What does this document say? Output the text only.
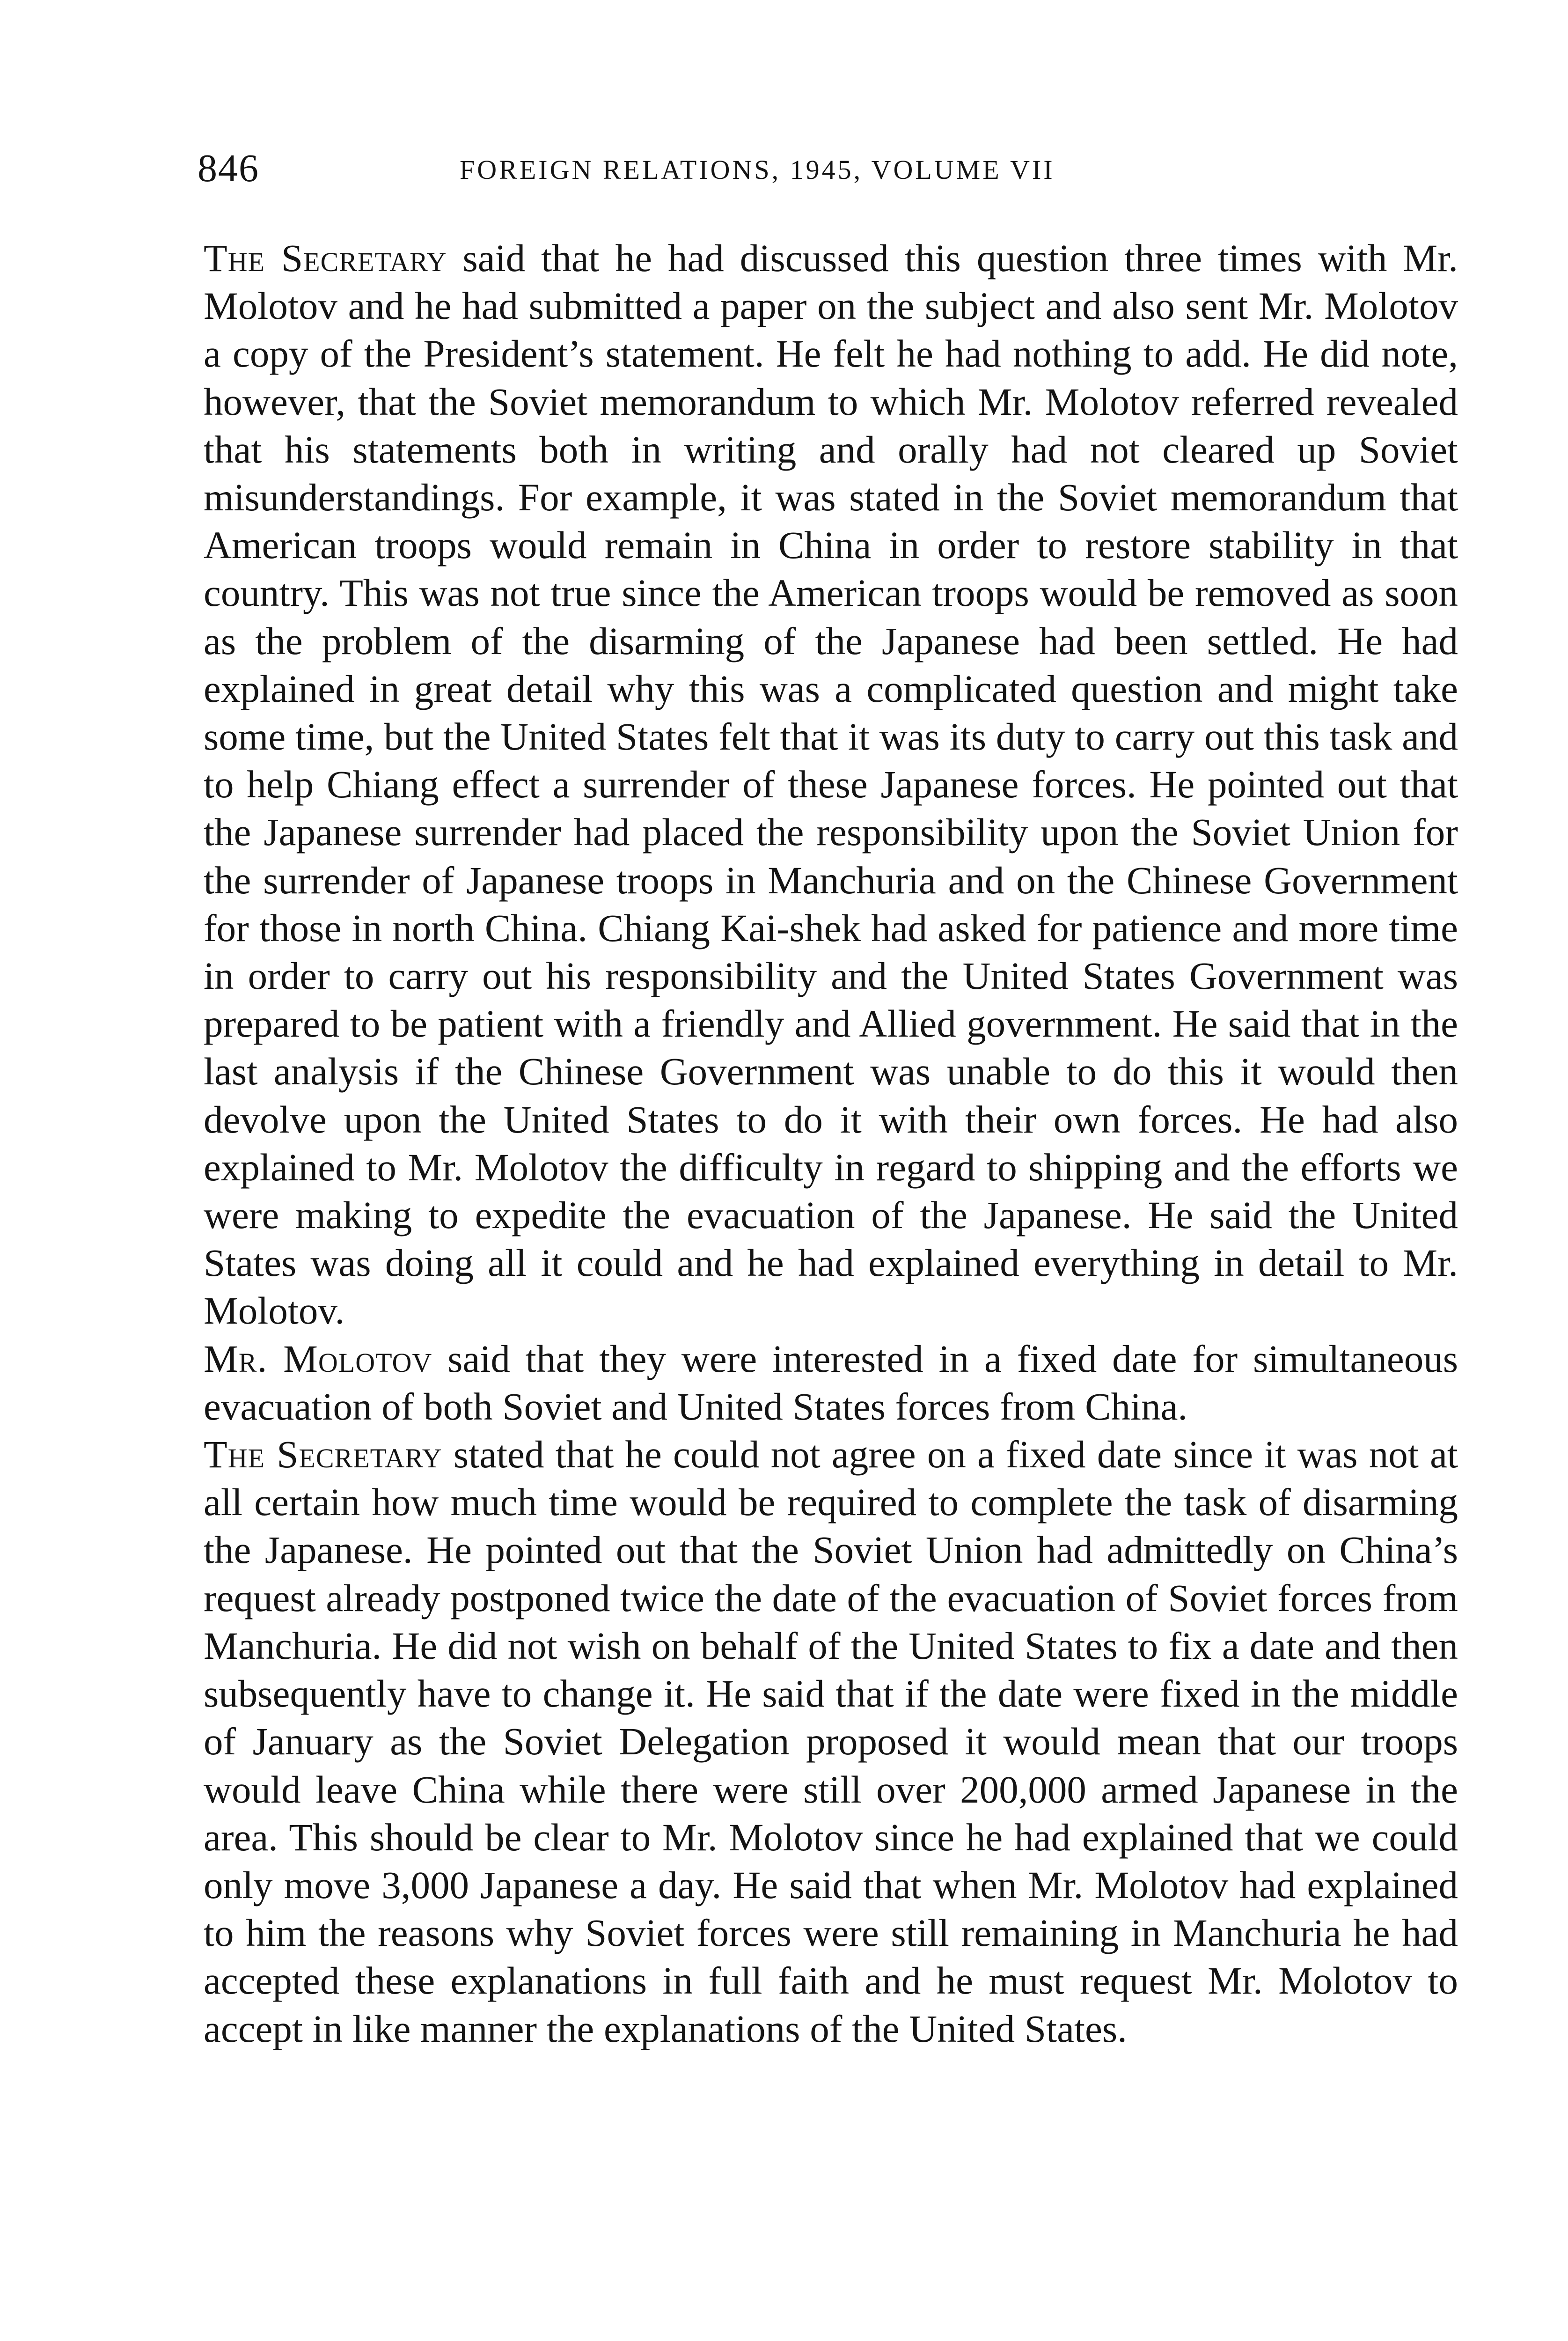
846	FOREIGN RELATIONS, 1945, VOLUME VII

The Secretary said that he had discussed this question three times with Mr. Molotov and he had submitted a paper on the subject and also sent Mr. Molotov a copy of the President’s statement. He felt he had nothing to add. He did note, however, that the Soviet memorandum to which Mr. Molotov referred revealed that his statements both in writing and orally had not cleared up Soviet misunderstandings. For example, it was stated in the Soviet memorandum that American troops would remain in China in order to restore stability in that country. This was not true since the American troops would be removed as soon as the problem of the disarming of the Japanese had been settled. He had explained in great detail why this was a complicated question and might take some time, but the United States felt that it was its duty to carry out this task and to help Chiang effect a surrender of these Japanese forces. He pointed out that the Japanese surrender had placed the responsibility upon the Soviet Union for the surrender of Japanese troops in Manchuria and on the Chinese Government for those in north China. Chiang Kai-shek had asked for patience and more time in order to carry out his responsibility and the United States Government was prepared to be patient with a friendly and Allied government. He said that in the last analysis if the Chinese Government was unable to do this it would then devolve upon the United States to do it with their own forces. He had also explained to Mr. Molotov the difficulty in regard to shipping and the efforts we were making to expedite the evacuation of the Japanese. He said the United States was doing all it could and he had explained everything in detail to Mr. Molotov.

Mr. Molotov said that they were interested in a fixed date for simultaneous evacuation of both Soviet and United States forces from China.

The Secretary stated that he could not agree on a fixed date since it was not at all certain how much time would be required to complete the task of disarming the Japanese. He pointed out that the Soviet Union had admittedly on China’s request already postponed twice the date of the evacuation of Soviet forces from Manchuria. He did not wish on behalf of the United States to fix a date and then subsequently have to change it. He said that if the date were fixed in the middle of January as the Soviet Delegation proposed it would mean that our troops would leave China while there were still over 200,000 armed Japanese in the area. This should be clear to Mr. Molotov since he had explained that we could only move 3,000 Japanese a day. He said that when Mr. Molotov had explained to him the reasons why Soviet forces were still remaining in Manchuria he had accepted these explanations in full faith and he must request Mr. Molotov to accept in like manner the explanations of the United States.
